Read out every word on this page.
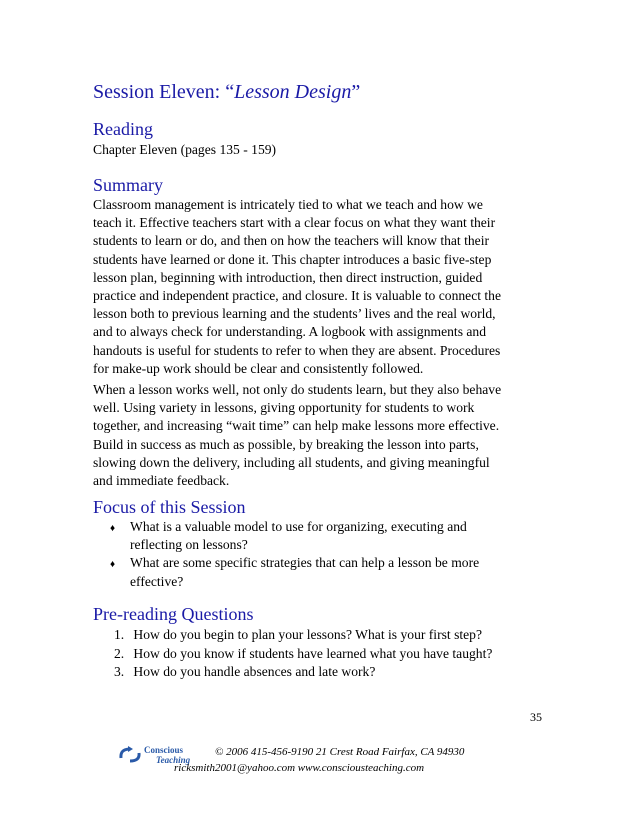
Session Eleven: “Lesson Design”
Reading
Chapter Eleven (pages 135 - 159)
Summary
Classroom management is intricately tied to what we teach and how we
teach it. Effective teachers start with a clear focus on what they want their
students to learn or do, and then on how the teachers will know that their
students have learned or done it. This chapter introduces a basic five-step
lesson plan, beginning with introduction, then direct instruction, guided
practice and independent practice, and closure. It is valuable to connect the
lesson both to previous learning and the students’ lives and the real world,
and to always check for understanding. A logbook with assignments and
handouts is useful for students to refer to when they are absent. Procedures
for make-up work should be clear and consistently followed.
When a lesson works well, not only do students learn, but they also behave
well. Using variety in lessons, giving opportunity for students to work
together, and increasing “wait time” can help make lessons more effective.
Build in success as much as possible, by breaking the lesson into parts,
slowing down the delivery, including all students, and giving meaningful
and immediate feedback.
Focus of this Session
♦ What is a valuable model to use for organizing, executing and
reflecting on lessons?
♦ What are some specific strategies that can help a lesson be more
effective?
Pre-reading Questions
1. How do you begin to plan your lessons? What is your first step?
2. How do you know if students have learned what you have taught?
3. How do you handle absences and late work?
35
Conscious
Teaching
© 2006 415-456-9190 21 Crest Road Fairfax, CA 94930
ricksmith2001@yahoo.com www.consciousteaching.com
